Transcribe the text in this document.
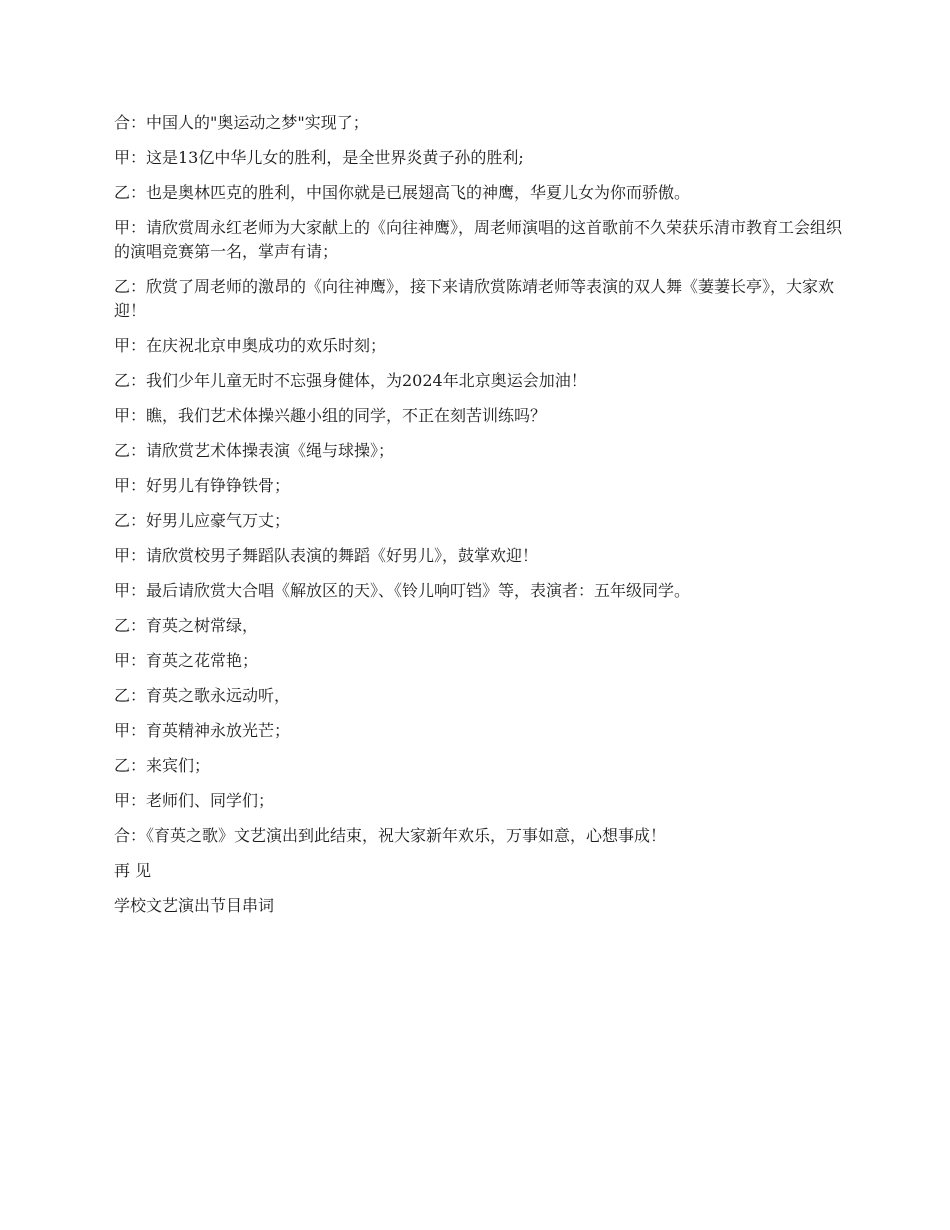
合：中国人的"奥运动之梦"实现了；

甲：这是13亿中华儿女的胜利，是全世界炎黄子孙的胜利;

乙：也是奥林匹克的胜利，中国你就是已展翅高飞的神鹰，华夏儿女为你而骄傲。

甲：请欣赏周永红老师为大家献上的《向往神鹰》，周老师演唱的这首歌前不久荣获乐清市教育工会组织的演唱竞赛第一名，掌声有请；

乙：欣赏了周老师的激昂的《向往神鹰》，接下来请欣赏陈靖老师等表演的双人舞《萋萋长亭》，大家欢迎！

甲：在庆祝北京申奥成功的欢乐时刻；

乙：我们少年儿童无时不忘强身健体，为2024年北京奥运会加油！

甲：瞧，我们艺术体操兴趣小组的同学，不正在刻苦训练吗？

乙：请欣赏艺术体操表演《绳与球操》；

甲：好男儿有铮铮铁骨；

乙：好男儿应豪气万丈；

甲：请欣赏校男子舞蹈队表演的舞蹈《好男儿》，鼓掌欢迎！

甲：最后请欣赏大合唱《解放区的天》、《铃儿响叮铛》等，表演者：五年级同学。

乙：育英之树常绿，

甲：育英之花常艳；

乙：育英之歌永远动听，

甲：育英精神永放光芒；

乙：来宾们；

甲：老师们、同学们；

合：《育英之歌》文艺演出到此结束，祝大家新年欢乐，万事如意，心想事成！

再 见

学校文艺演出节目串词
